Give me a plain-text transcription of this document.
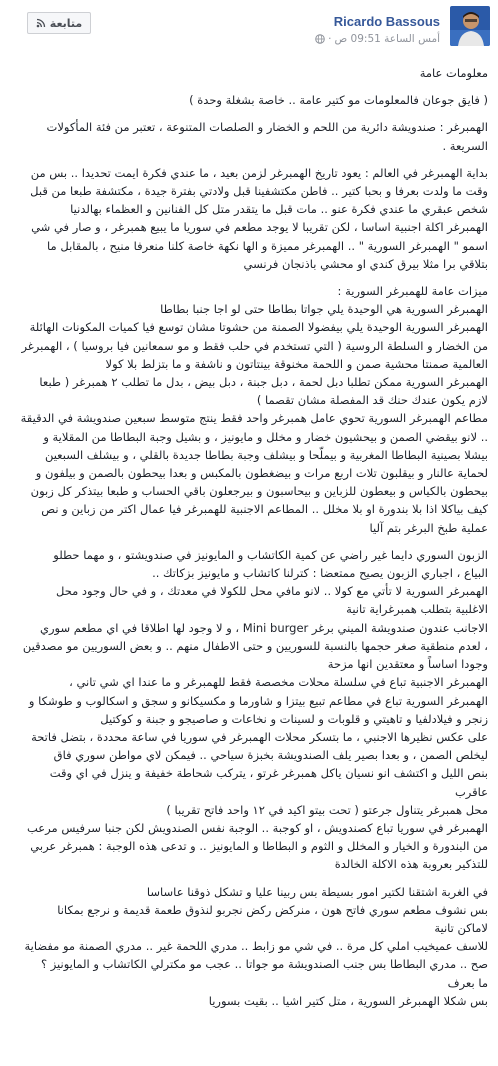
Ricardo Bassous
أمس الساعة 09:51 ص
·
متابعة

معلومات عامة

( فايق جوعان فالمعلومات مو كتير عامة .. خاصة بشغلة وحدة )

الهمبرغر : صندويشة دائرية من اللحم و الخضار و الصلصات المتنوعة ، تعتبر من فئة المأكولات

السريعة .

بداية الهمبرغر في العالم : يعود تاريخ الهمبرغر لزمن بعيد ، ما عندي فكرة ايمت تحديدا .. بس من

وقت ما ولدت بعرفا و بحبا كتير .. فاطن مكتشفينا قبل ولادتي بفترة جيدة ، مكتشفة طبعا من قبل

شخص عبقري ما عندي فكرة عنو .. مات قبل ما يتقدر متل كل الفنانين و العظماء بهالدنيا

الهمبرغر اكلة اجنبية اساسا ، لكن تقريبا لا يوجد مطعم في سوريا ما يبيع همبرغر ، و صار في شي

اسمو " الهمبرغر السورية " .. الهمبرغر مميزة و الها نكهة خاصة كلنا منعرفا منيح ، بالمقابل ما

بتلاقي برا مثلا بيرق كندي او محشي باذنجان فرنسي

ميزات عامة للهمبرغر السورية :

الهمبرغر السورية هي الوحيدة يلي جواتا بطاطا حتى لو اجا جنبا بطاطا

الهمبرغر السورية الوحيدة يلي بيفضولا الصمنة من حشوتا مشان توسع فيا كميات المكونات الهائلة

من الخضار و السلطة الروسية ( التي تستخدم في حلب فقط و مو سمعانين فيا بروسيا ) ، الهمبرغر

العالمية صمنتا محشية صمن و اللحمة مخنوقة بينتاتون و ناشفة و ما بتزلط بلا كولا

الهمبرغر السورية ممكن تطلبا دبل لحمة ، دبل جبنة ، دبل بيض ، بدل ما تطلب ٢ همبرغر ( طبعا

لازم يكون عندك حنك قد المفصلة مشان تقصما )

مطاعم الهمبرغر السورية تحوي عامل همبرغر واحد فقط ينتج متوسط سبعين صندويشة في الدقيقة

.. لانو بيقضي الصمن و بيحشيون خضار و مخلل و مايونيز ، و بشيل وجبة البطاطا من المقلاية و

بيشلا بصينية البطاطا المغربية و بيملّحا و بيشلف وجبة بطاطا جديدة بالقلي ، و بيشلف السبعين

لحماية عالنار و بيقلبون تلات اربع مرات و بيضغطون بالمكبس و بعدا بيحطون بالصمن و بيلفون و

بيحطون بالكياس و بيعطون للزباين و بيحاسبون و بيرجعلون باقي الحساب و طبعا بيتذكر كل زبون

كيف بياكلا اذا بلا بندورة او بلا مخلل .. المطاعم الاجنبية للهمبرغر فيا عمال اكتر من زباين و نص

عملية طبخ البرغر بتم آليا

الزبون السوري دايما غير راضي عن كمية الكاتشاب و المايونيز في صندويشتو ، و مهما حطلو

البياع ، اجباري الزبون يصيح ممتعضا : كترلنا كاتشاب و مايونيز بزكاتك ..

الهمبرغر السورية لا تأتي مع كولا .. لانو مافي محل للكولا في معدتك ، و في حال وجود محل

الاغلبية بتطلب همبرغراية تانية

الاجانب عندون صندويشة الميني برغر Mini burger ، و لا وجود لها اطلاقا في اي مطعم سوري

، لعدم منطقية صغر حجمها بالنسبة للسوريين و حتى الاطفال منهم .. و بعض السوريين مو مصدقين

وجودا اساساً و معتقدين انها مزحة

الهمبرغر الاجنبية تباع في سلسلة محلات مخصصة فقط للهمبرغر و ما عندا اي شي تاني ،

الهمبرغر السورية تباع في مطاعم تبيع بيتزا و شاورما و مكسيكانو و سجق و اسكالوب و طوشكا و

زنجر و فيلادلفيا و تاهيتي و قلوبات و لسينات و نخاعات و صاصيجو و جبنة و كوكتيل

على عكس نظيرها الاجنبي ، ما بتسكر محلات الهمبرغر في سوريا في ساعة محددة ، بتضل فاتحة

ليخلص الصمن ، و بعدا بصير يلف الصندويشة بخبزة سياحي .. فيمكن لاي مواطن سوري فاق

بنص الليل و اكتشف انو نسيان ياكل همبرغر غرتو ، يتركب شحاطة خفيفة و ينزل في اي وقت عاقرب

محل همبرغر يتناول جرعتو ( تحت بيتو اكيد في ١٢ واحد فاتح تقريبا )

الهمبرغر في سوريا تباع كصندويش ، او كوجبة .. الوجبة نفس الصندويش لكن جنبا سرفيس مرعب

من البندورة و الخيار و المخلل و الثوم و البطاطا و المايونيز .. و تدعى هذه الوجبة : همبرغر عربي

للتذكير بعروبة هذه الاكلة الخالدة

في الغربة اشتقنا لكتير امور بسيطة بس ربينا عليا و تشكل ذوقنا عاساسا

بس نشوف مطعم سوري فاتح هون ، منركض ركض نجربو لنذوق طعمة قديمة و نرجع بمكانا

لاماكن تانية

للاسف عميخيب املي كل مرة .. في شي مو زابط .. مدري اللحمة غير .. مدري الصمنة مو مفضاية

صح .. مدري البطاطا بس جنب الصندويشة مو جواتا .. عجب مو مكترلي الكاتشاب و المايونيز ؟

ما بعرف

بس شكلا الهمبرغر السورية ، متل كتير اشيا .. بقيت بسوريا
